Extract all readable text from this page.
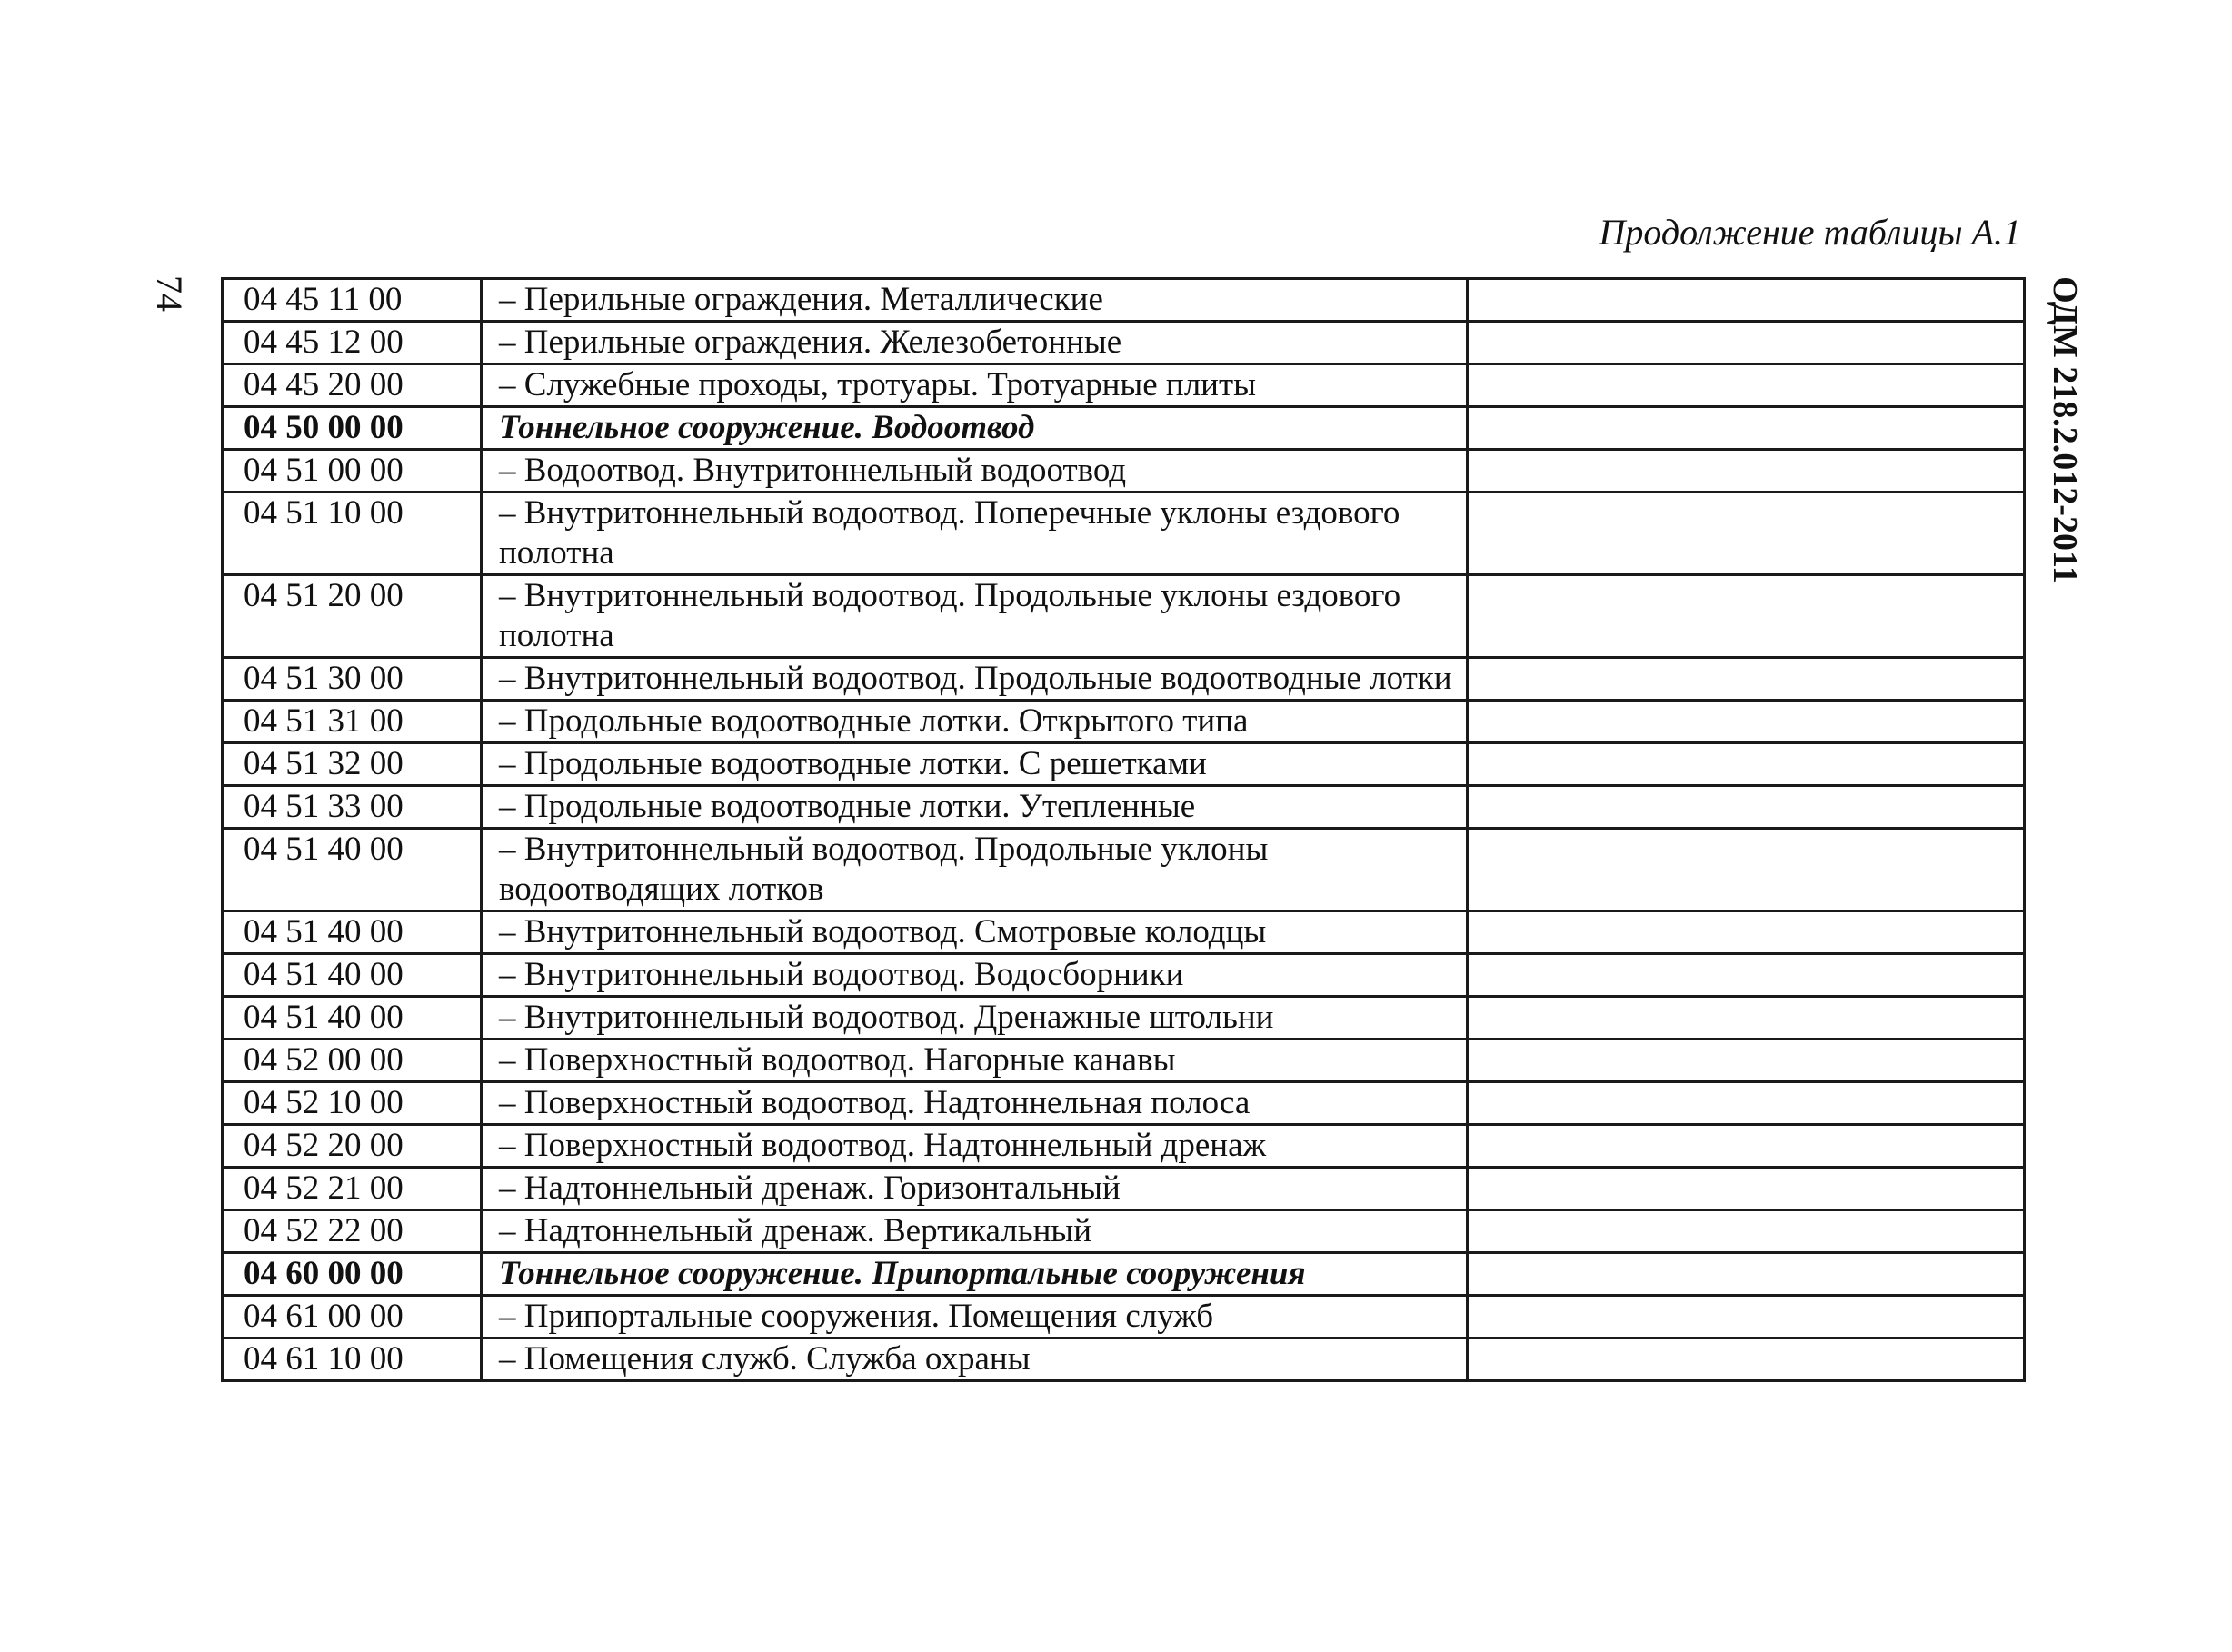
Продолжение таблицы А.1
74	ОДМ 218.2.012-2011
04 45 11 00	– Перильные ограждения. Металлические	
04 45 12 00	– Перильные ограждения. Железобетонные	
04 45 20 00	– Служебные проходы, тротуары. Тротуарные плиты	
04 50 00 00	Тоннельное сооружение. Водоотвод	
04 51 00 00	– Водоотвод. Внутритоннельный водоотвод	
04 51 10 00	– Внутритоннельный водоотвод. Поперечные уклоны ездового полотна	
04 51 20 00	– Внутритоннельный водоотвод. Продольные уклоны ездового полотна	
04 51 30 00	– Внутритоннельный водоотвод. Продольные водоотводные лотки	
04 51 31 00	– Продольные водоотводные лотки. Открытого типа	
04 51 32 00	– Продольные водоотводные лотки. С решетками	
04 51 33 00	– Продольные водоотводные лотки. Утепленные	
04 51 40 00	– Внутритоннельный водоотвод. Продольные уклоны водоотводящих лотков	
04 51 40 00	– Внутритоннельный водоотвод. Смотровые колодцы	
04 51 40 00	– Внутритоннельный водоотвод. Водосборники	
04 51 40 00	– Внутритоннельный водоотвод. Дренажные штольни	
04 52 00 00	– Поверхностный водоотвод. Нагорные канавы	
04 52 10 00	– Поверхностный водоотвод. Надтоннельная полоса	
04 52 20 00	– Поверхностный водоотвод. Надтоннельный дренаж	
04 52 21 00	– Надтоннельный дренаж. Горизонтальный	
04 52 22 00	– Надтоннельный дренаж. Вертикальный	
04 60 00 00	Тоннельное сооружение. Припортальные сооружения	
04 61 00 00	– Припортальные сооружения. Помещения служб	
04 61 10 00	– Помещения служб. Служба охраны	
